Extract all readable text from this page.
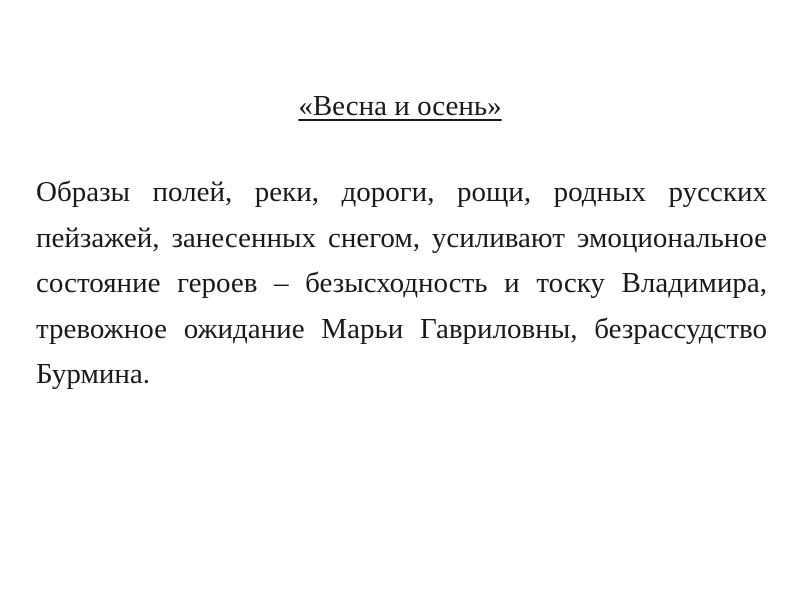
«Весна и осень»

Образы полей, реки, дороги, рощи, родных русских пейзажей, занесенных снегом, усиливают эмоциональное состояние героев – безысходность и тоску Владимира, тревожное ожидание Марьи Гавриловны, безрассудство Бурмина.
